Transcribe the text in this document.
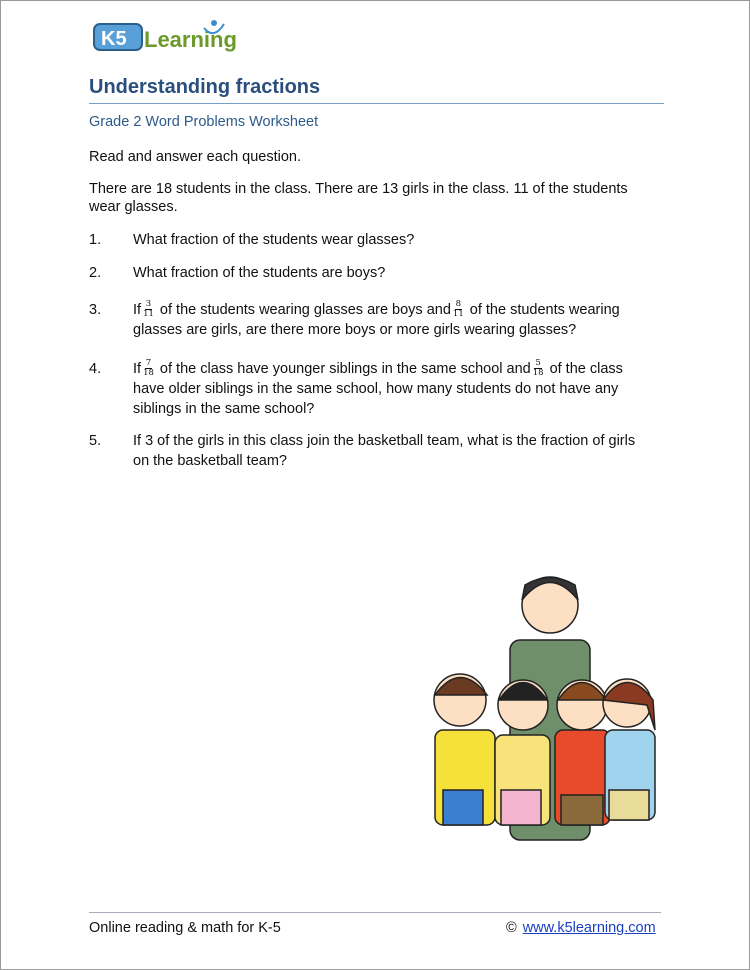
K5 Learning
Understanding fractions
Grade 2 Word Problems Worksheet
Read and answer each question.
There are 18 students in the class. There are 13 girls in the class. 11 of the students wear glasses.
1. What fraction of the students wear glasses?
2. What fraction of the students are boys?
3. If $\frac{3}{11}$ of the students wearing glasses are boys and $\frac{8}{11}$ of the students wearing glasses are girls, are there more boys or more girls wearing glasses?
4. If $\frac{7}{18}$ of the class have younger siblings in the same school and $\frac{5}{18}$ of the class have older siblings in the same school, how many students do not have any siblings in the same school?
5. If 3 of the girls in this class join the basketball team, what is the fraction of girls on the basketball team?
Online reading & math for K-5	© www.k5learning.com
